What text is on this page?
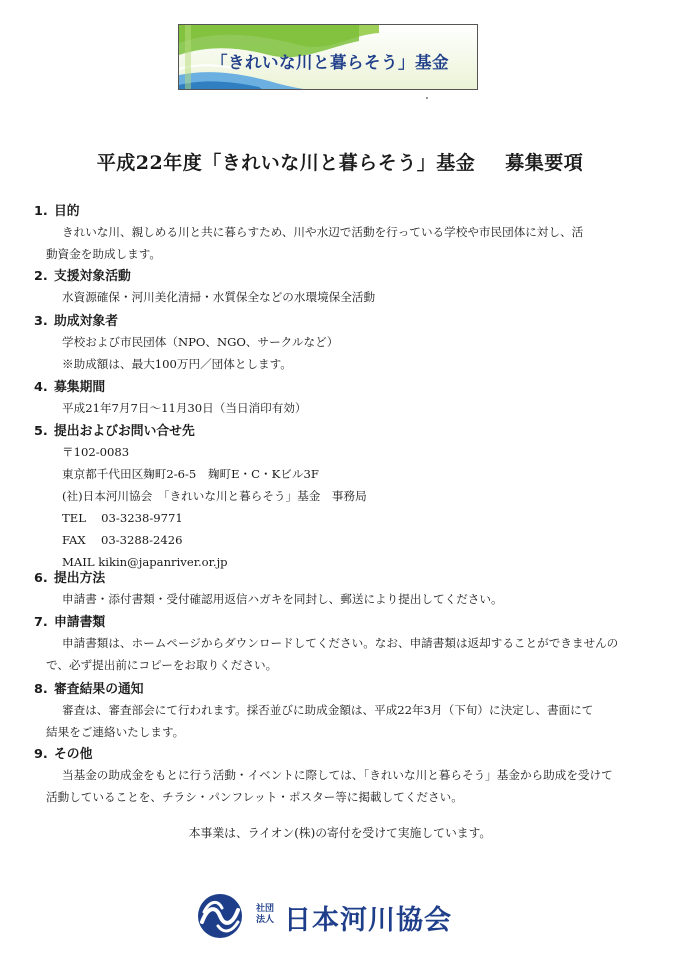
「きれいな川と暮らそう」基金
平成22年度「きれいな川と暮らそう」基金 募集要項
1. 目的
きれいな川、親しめる川と共に暮らすため、川や水辺で活動を行っている学校や市民団体に対し、活
動資金を助成します。
2. 支援対象活動
水資源確保・河川美化清掃・水質保全などの水環境保全活動
3. 助成対象者
学校および市民団体（NPO、NGO、サークルなど）
※助成額は、最大100万円／団体とします。
4. 募集期間
平成21年7月7日〜11月30日（当日消印有効）
5. 提出およびお問い合せ先
〒102-0083
東京都千代田区麹町2-6-5　麹町E・C・Kビル3F
(社)日本河川協会　「きれいな川と暮らそう」基金　事務局
TEL　 03-3238-9771
FAX　 03-3288-2426
MAIL kikin@japanriver.or.jp
6. 提出方法
申請書・添付書類・受付確認用返信ハガキを同封し、郵送により提出してください。
7. 申請書類
申請書類は、ホームページからダウンロードしてください。なお、申請書類は返却することができませんの
で、必ず提出前にコピーをお取りください。
8. 審査結果の通知
審査は、審査部会にて行われます。採否並びに助成金額は、平成22年3月（下旬）に決定し、書面にて
結果をご連絡いたします。
9. その他
当基金の助成金をもとに行う活動・イベントに際しては、「きれいな川と暮らそう」基金から助成を受けて
活動していることを、チラシ・パンフレット・ポスター等に掲載してください。
本事業は、ライオン(株)の寄付を受けて実施しています。
社団
法人 日本河川協会
